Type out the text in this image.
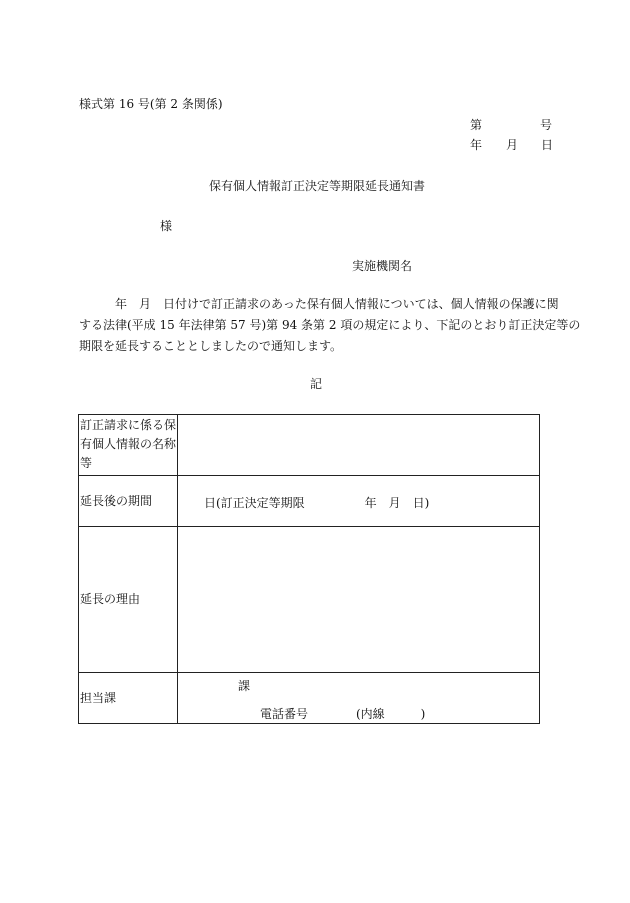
様式第 16 号(第 2 条関係)
第	号
年 月 日
保有個人情報訂正決定等期限延長通知書
様
実施機関名
　　　年　月　日付けで訂正請求のあった保有個人情報については、個人情報の保護に関
する法律(平成 15 年法律第 57 号)第 94 条第 2 項の規定により、下記のとおり訂正決定等の
期限を延長することとしましたので通知します。
記
訂正請求に係る保有個人情報の名称等
延長後の期間	日(訂正決定等期限　　　　　年　月　日)
延長の理由
担当課
課
電話番号　　　　(内線　　　)
